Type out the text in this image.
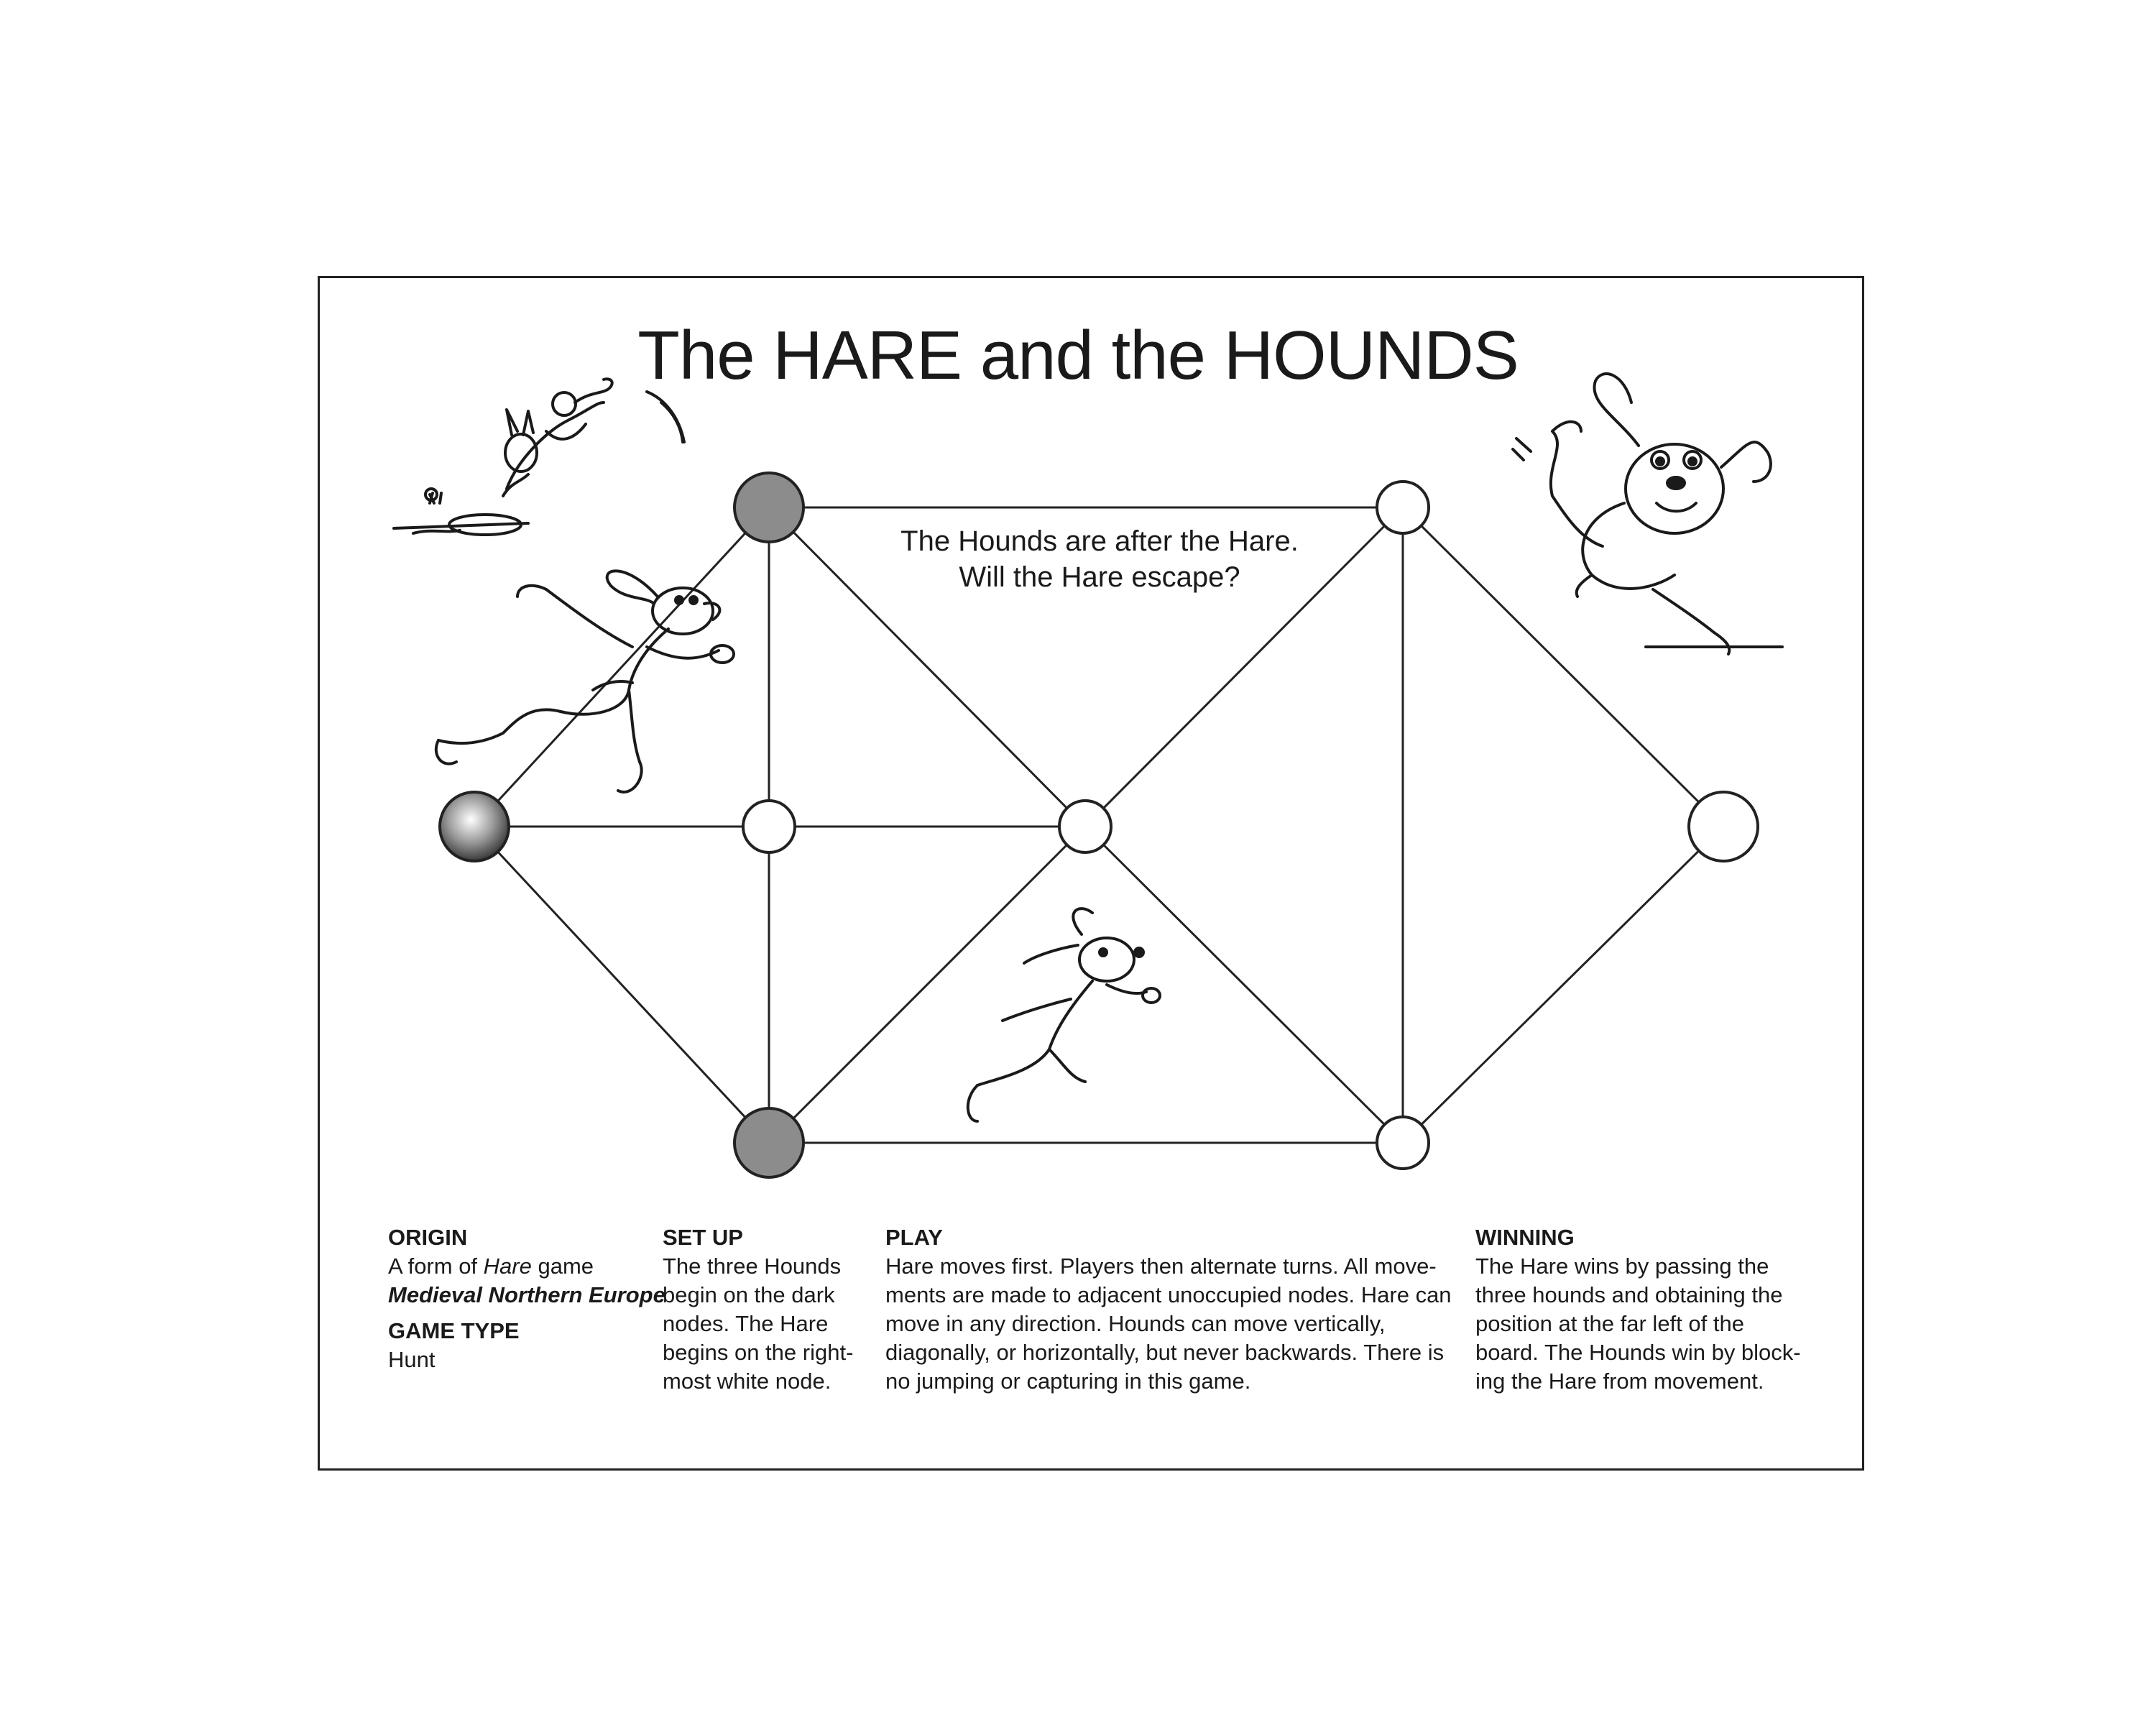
The HARE and the HOUNDS
The Hounds are after the Hare.
Will the Hare escape?
ORIGIN

A form of Hare game

Medieval Northern Europe

GAME TYPE

Hunt

SET UP

The three Hounds

begin on the dark

nodes. The Hare

begins on the right-

most white node.

PLAY

Hare moves first. Players then alternate turns. All move-

ments are made to adjacent unoccupied nodes. Hare can

move in any direction. Hounds can move vertically,

diagonally, or horizontally, but never backwards. There is

no jumping or capturing in this game.

WINNING

The Hare wins by passing the

three hounds and obtaining the

position at the far left of the

board. The Hounds win by block-

ing the Hare from movement.
